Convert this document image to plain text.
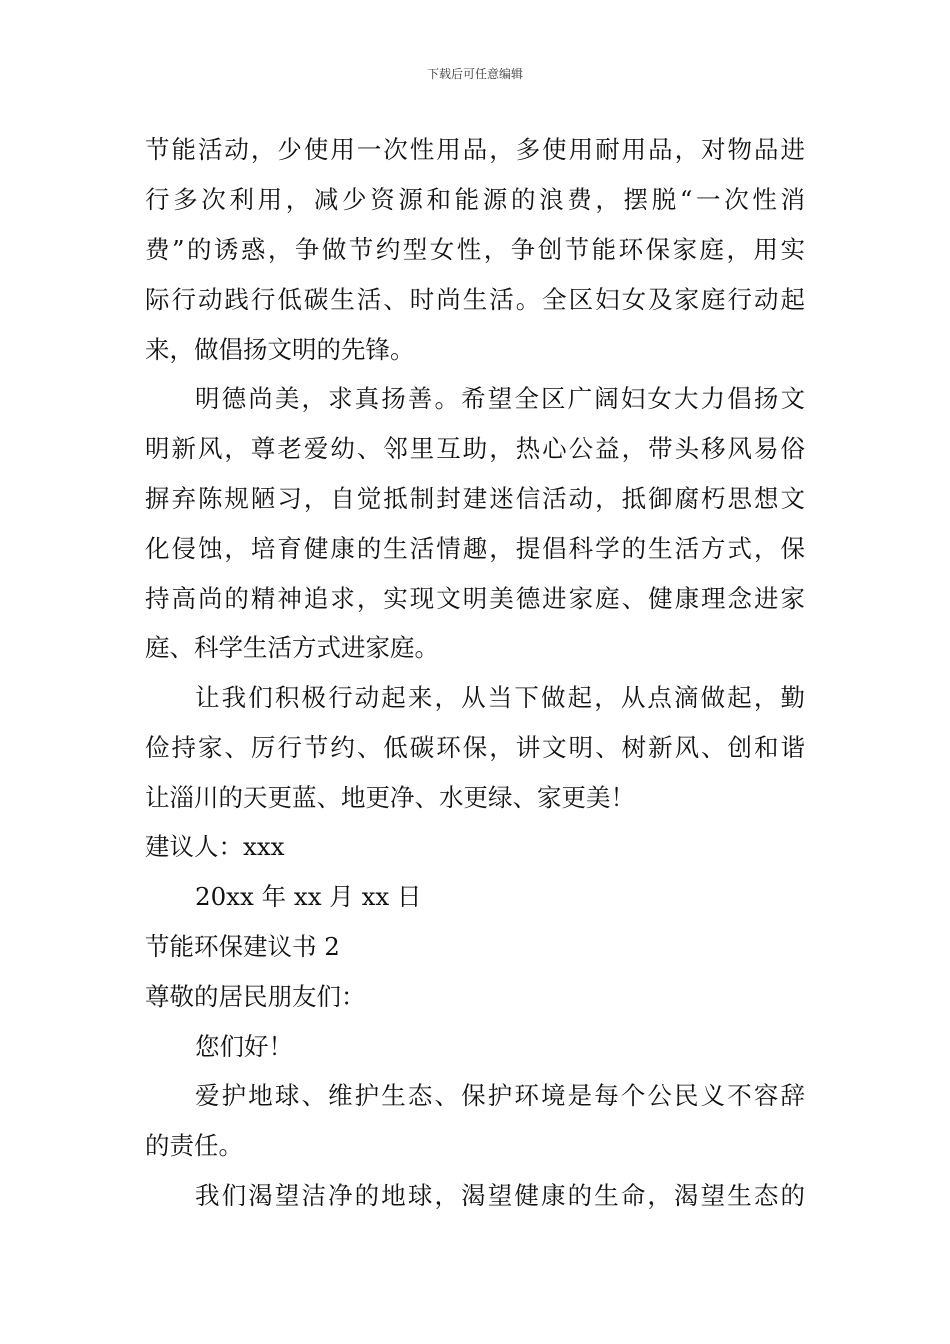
下载后可任意编辑
节能活动，少使用一次性用品，多使用耐用品，对物品进
行多次利用，减少资源和能源的浪费，摆脱“一次性消
费”的诱惑，争做节约型女性，争创节能环保家庭，用实
际行动践行低碳生活、时尚生活。全区妇女及家庭行动起
来，做倡扬文明的先锋。
明德尚美，求真扬善。希望全区广阔妇女大力倡扬文
明新风，尊老爱幼、邻里互助，热心公益，带头移风易俗
摒弃陈规陋习，自觉抵制封建迷信活动，抵御腐朽思想文
化侵蚀，培育健康的生活情趣，提倡科学的生活方式，保
持高尚的精神追求，实现文明美德进家庭、健康理念进家
庭、科学生活方式进家庭。
让我们积极行动起来，从当下做起，从点滴做起，勤
俭持家、厉行节约、低碳环保，讲文明、树新风、创和谐
让淄川的天更蓝、地更净、水更绿、家更美！
建议人：xxx
20xx 年 xx 月 xx 日
节能环保建议书 2
尊敬的居民朋友们：
您们好！
爱护地球、维护生态、保护环境是每个公民义不容辞
的责任。
我们渴望洁净的地球，渴望健康的生命，渴望生态的
